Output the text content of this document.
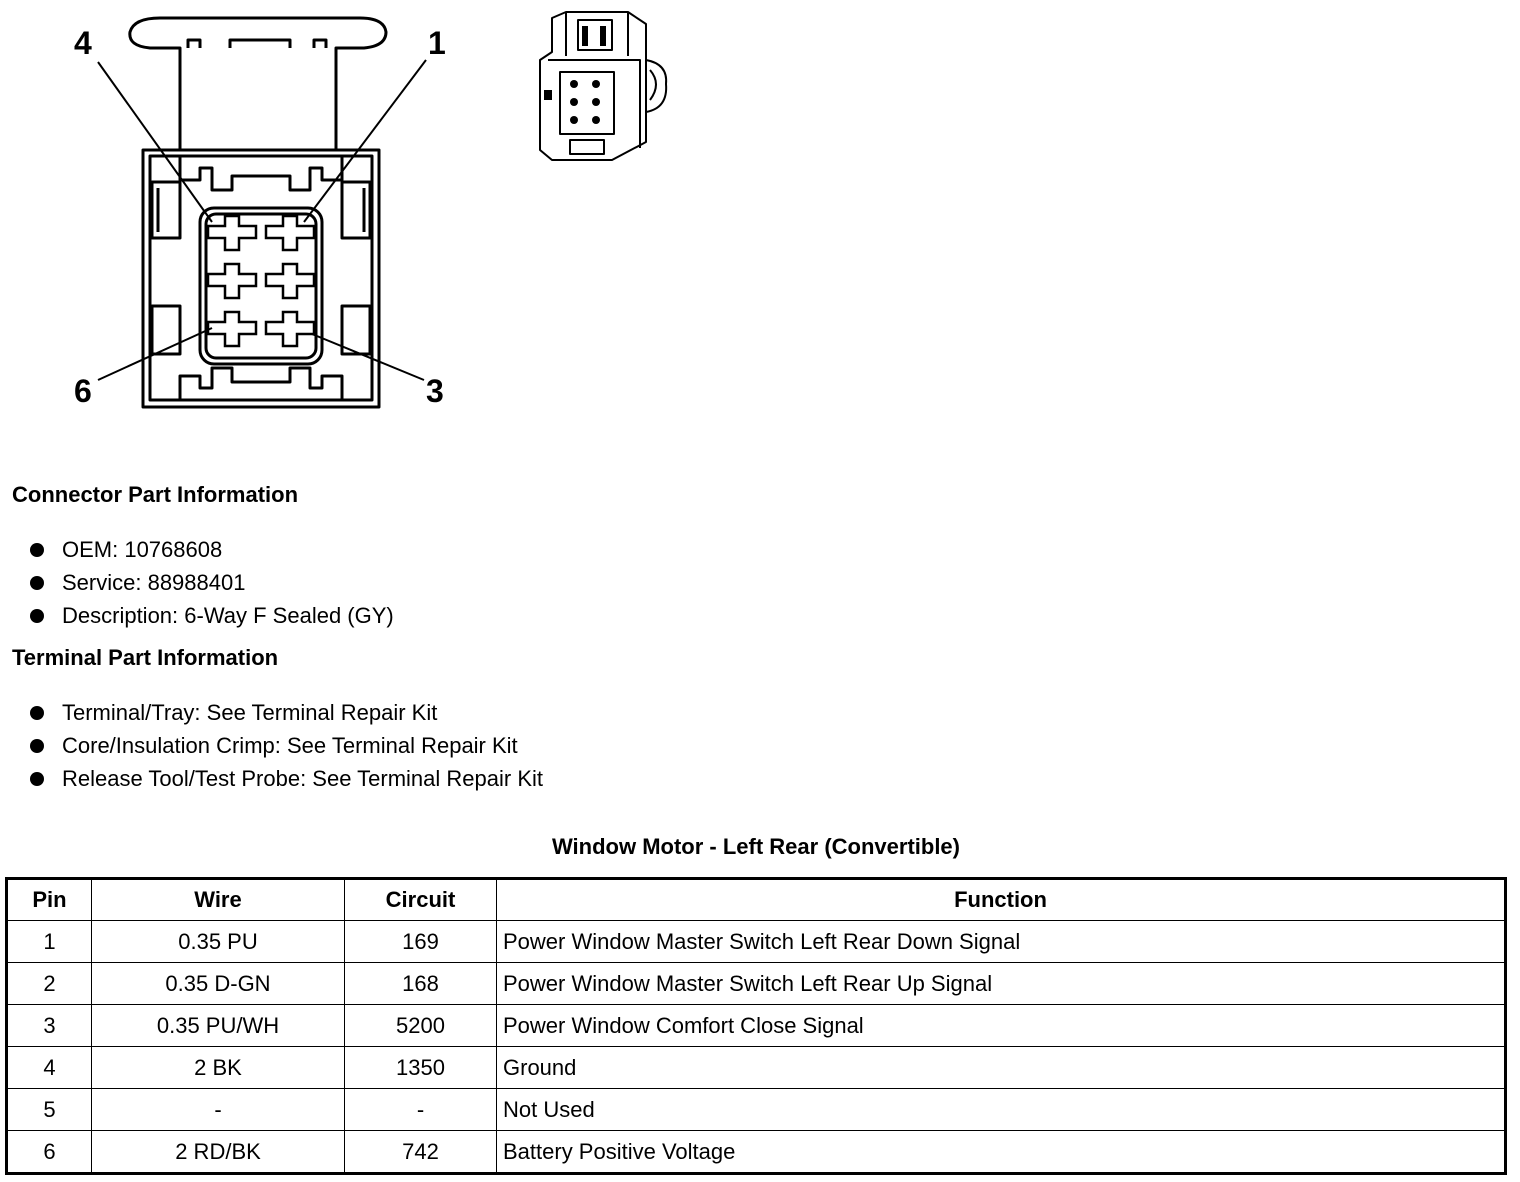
4	1
6	3
Connector Part Information
OEM: 10768608
Service: 88988401
Description: 6-Way F Sealed (GY)
Terminal Part Information
Terminal/Tray: See Terminal Repair Kit
Core/Insulation Crimp: See Terminal Repair Kit
Release Tool/Test Probe: See Terminal Repair Kit
Window Motor - Left Rear (Convertible)
Pin	Wire	Circuit	Function
1	0.35 PU	169	Power Window Master Switch Left Rear Down Signal
2	0.35 D-GN	168	Power Window Master Switch Left Rear Up Signal
3	0.35 PU/WH	5200	Power Window Comfort Close Signal
4	2 BK	1350	Ground
5	-	-	Not Used
6	2 RD/BK	742	Battery Positive Voltage
